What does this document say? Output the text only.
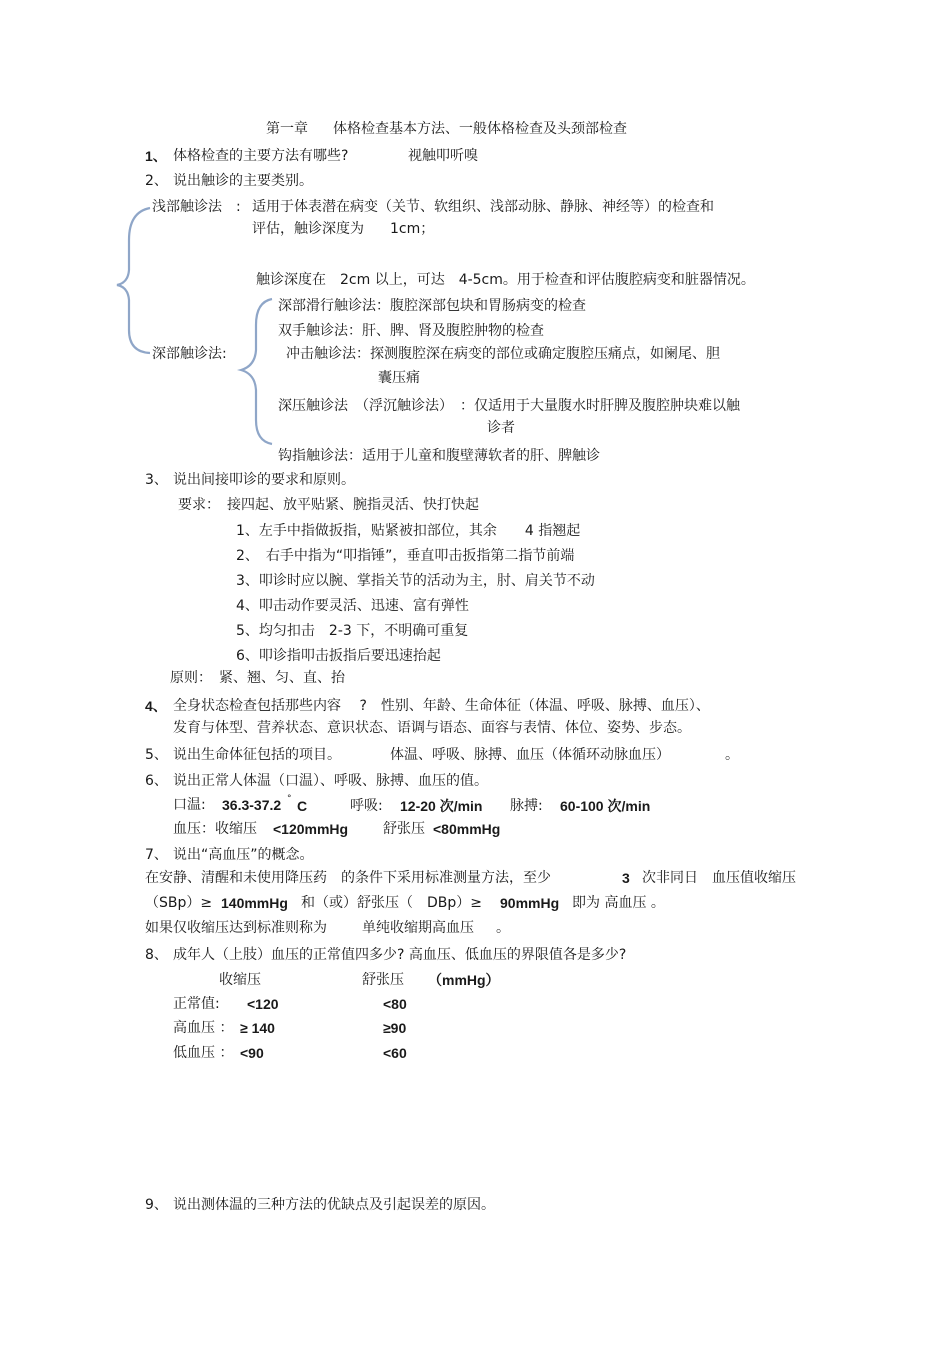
第一章 体格检查基本方法、一般体格检查及头颈部检查
1、 体格检查的主要方法有哪些?	视触叩听嗅
2、 说出触诊的主要类别。
浅部触诊法 : 适用于体表潜在病变（关节、软组织、浅部动脉、静脉、神经等）的检查和
评估，触诊深度为 1cm；
触诊深度在　2cm 以上，可达　4-5cm。用于检查和评估腹腔病变和脏器情况。
深部触诊法:
深部滑行触诊法：腹腔深部包块和胃肠病变的检查
双手触诊法：肝、脾、肾及腹腔肿物的检查
冲击触诊法：探测腹腔深在病变的部位或确定腹腔压痛点，如阑尾、胆
囊压痛
深压触诊法　（浮沉触诊法）　：仅适用于大量腹水时肝脾及腹腔肿块难以触
诊者
钩指触诊法：适用于儿童和腹壁薄软者的肝、脾触诊
3、 说出间接叩诊的要求和原则。
要求：　接四起、放平贴紧、腕指灵活、快打快起
1、左手中指做扳指，贴紧被扣部位，其余　　4 指翘起
2、　右手中指为“叩指锤”，垂直叩击扳指第二指节前端
3、叩诊时应以腕、掌指关节的活动为主，肘、肩关节不动
4、叩击动作要灵活、迅速、富有弹性
5、均匀扣击　2-3 下，不明确可重复
6、叩诊指叩击扳指后要迅速抬起
原则：　紧、翘、匀、直、抬
4、 全身状态检查包括那些内容　 ?　性别、年龄、生命体征（体温、呼吸、脉搏、血压）、
发育与体型、营养状态、意识状态、语调与语态、面容与表情、体位、姿势、步态。
5、 说出生命体征包括的项目。	体温、呼吸、脉搏、血压（体循环动脉血压）	。
6、 说出正常人体温（口温）、呼吸、脉搏、血压的值。
口温: 36.3-37.2 ° C	呼吸: 12-20 次/min 脉搏: 60-100 次/min
血压：收缩压 <120mmHg 舒张压 <80mmHg
7、 说出“高血压”的概念。
在安静、清醒和未使用降压药　的条件下采用标准测量方法，至少	3 次非同日　血压值收缩压
（SBp）≥ 140mmHg 和（或）舒张压（　DBp）≥ 90mmHg 即为 高血压 。
如果仅收缩压达到标准则称为	单纯收缩期高血压 。
8、 成年人（上肢）血压的正常值四多少? 高血压、低血压的界限值各是多少?
收缩压	舒张压 （mmHg）
正常值: <120	<80
高血压 ： ≥ 140	≥90
低血压 ： <90	<60
9、 说出测体温的三种方法的优缺点及引起误差的原因。
